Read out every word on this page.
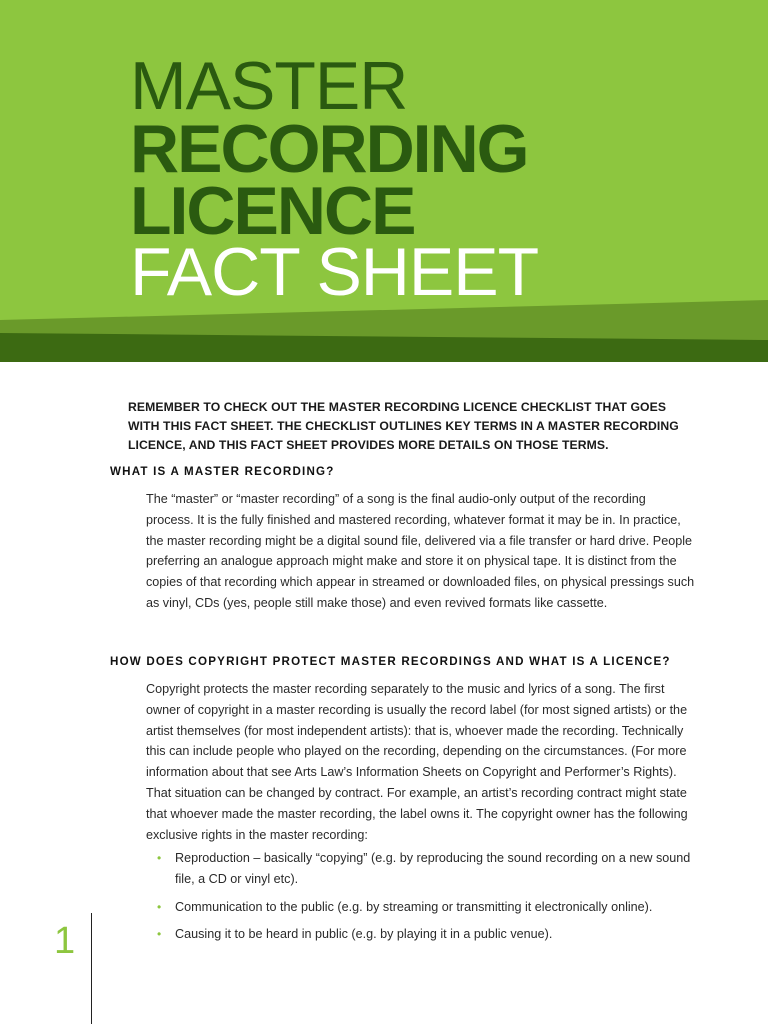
MASTER
RECORDING
LICENCE
FACT SHEET

REMEMBER TO CHECK OUT THE MASTER RECORDING LICENCE CHECKLIST THAT GOES WITH THIS FACT SHEET. THE CHECKLIST OUTLINES KEY TERMS IN A MASTER RECORDING LICENCE, AND THIS FACT SHEET PROVIDES MORE DETAILS ON THOSE TERMS.

WHAT IS A MASTER RECORDING?

The “master” or “master recording” of a song is the final audio-only output of the recording process. It is the fully finished and mastered recording, whatever format it may be in. In practice, the master recording might be a digital sound file, delivered via a file transfer or hard drive. People preferring an analogue approach might make and store it on physical tape. It is distinct from the copies of that recording which appear in streamed or downloaded files, on physical pressings such as vinyl, CDs (yes, people still make those) and even revived formats like cassette.

HOW DOES COPYRIGHT PROTECT MASTER RECORDINGS AND WHAT IS A LICENCE?

Copyright protects the master recording separately to the music and lyrics of a song. The first owner of copyright in a master recording is usually the record label (for most signed artists) or the artist themselves (for most independent artists): that is, whoever made the recording. Technically this can include people who played on the recording, depending on the circumstances. (For more information about that see Arts Law’s Information Sheets on Copyright and Performer’s Rights). That situation can be changed by contract. For example, an artist’s recording contract might state that whoever made the master recording, the label owns it. The copyright owner has the following exclusive rights in the master recording:

• Reproduction – basically “copying” (e.g. by reproducing the sound recording on a new sound file, a CD or vinyl etc).
• Communication to the public (e.g. by streaming or transmitting it electronically online).
• Causing it to be heard in public (e.g. by playing it in a public venue).
1
